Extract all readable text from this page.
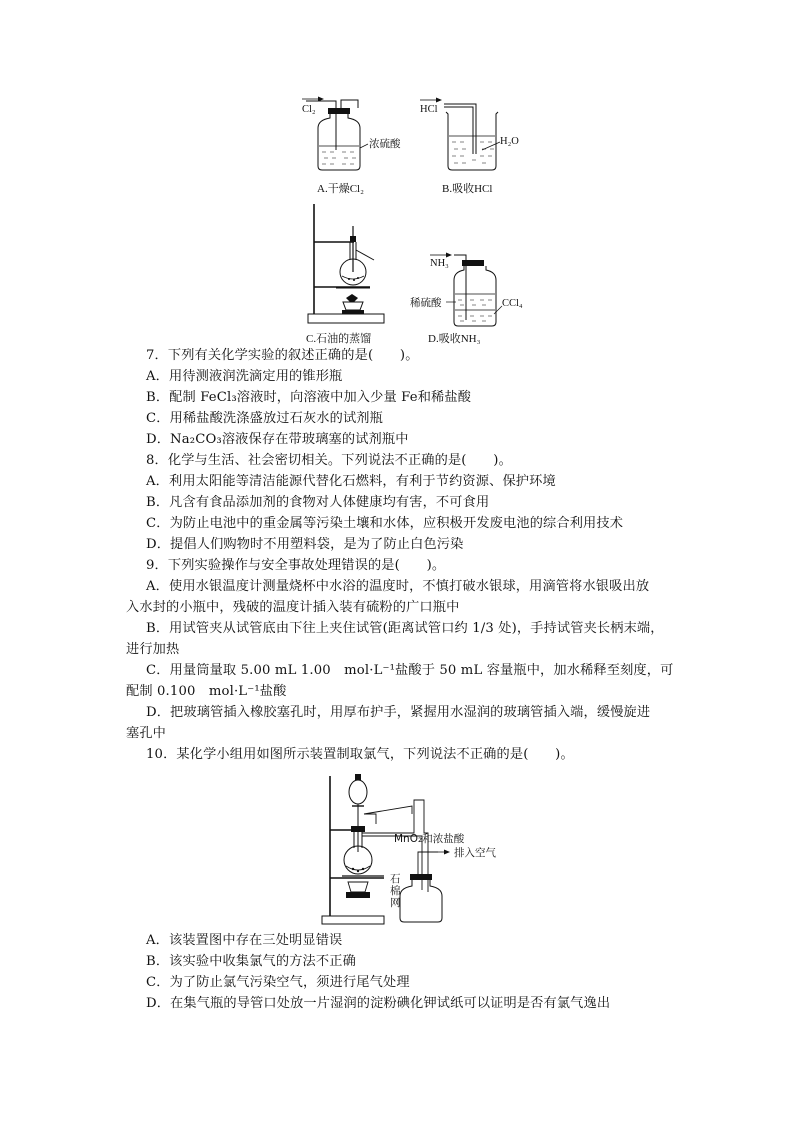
Cl₂
浓硫酸
A.干燥Cl₂
HCl
H₂O
B.吸收HCl
C.石油的蒸馏
NH₃
稀硫酸	CCl₄
D.吸收NH₃
7．下列有关化学实验的叙述正确的是(　　)。
A．用待测液润洗滴定用的锥形瓶
B．配制 FeCl₃溶液时，向溶液中加入少量 Fe和稀盐酸
C．用稀盐酸洗涤盛放过石灰水的试剂瓶
D．Na₂CO₃溶液保存在带玻璃塞的试剂瓶中
8．化学与生活、社会密切相关。下列说法不正确的是(　　)。
A．利用太阳能等清洁能源代替化石燃料，有利于节约资源、保护环境
B．凡含有食品添加剂的食物对人体健康均有害，不可食用
C．为防止电池中的重金属等污染土壤和水体，应积极开发废电池的综合利用技术
D．提倡人们购物时不用塑料袋，是为了防止白色污染
9．下列实验操作与安全事故处理错误的是(　　)。
A．使用水银温度计测量烧杯中水浴的温度时，不慎打破水银球，用滴管将水银吸出放
入水封的小瓶中，残破的温度计插入装有硫粉的广口瓶中
B．用试管夹从试管底由下往上夹住试管(距离试管口约 1/3 处)，手持试管夹长柄末端，
进行加热
C．用量筒量取 5.00 mL 1.00　mol·L⁻¹盐酸于 50 mL 容量瓶中，加水稀释至刻度，可
配制 0.100　mol·L⁻¹盐酸
D．把玻璃管插入橡胶塞孔时，用厚布护手，紧握用水湿润的玻璃管插入端，缓慢旋进
塞孔中
10．某化学小组用如图所示装置制取氯气，下列说法不正确的是(　　)。
MnO₂和浓盐酸
排入空气
石
棉
网
A．该装置图中存在三处明显错误
B．该实验中收集氯气的方法不正确
C．为了防止氯气污染空气，须进行尾气处理
D．在集气瓶的导管口处放一片湿润的淀粉碘化钾试纸可以证明是否有氯气逸出
